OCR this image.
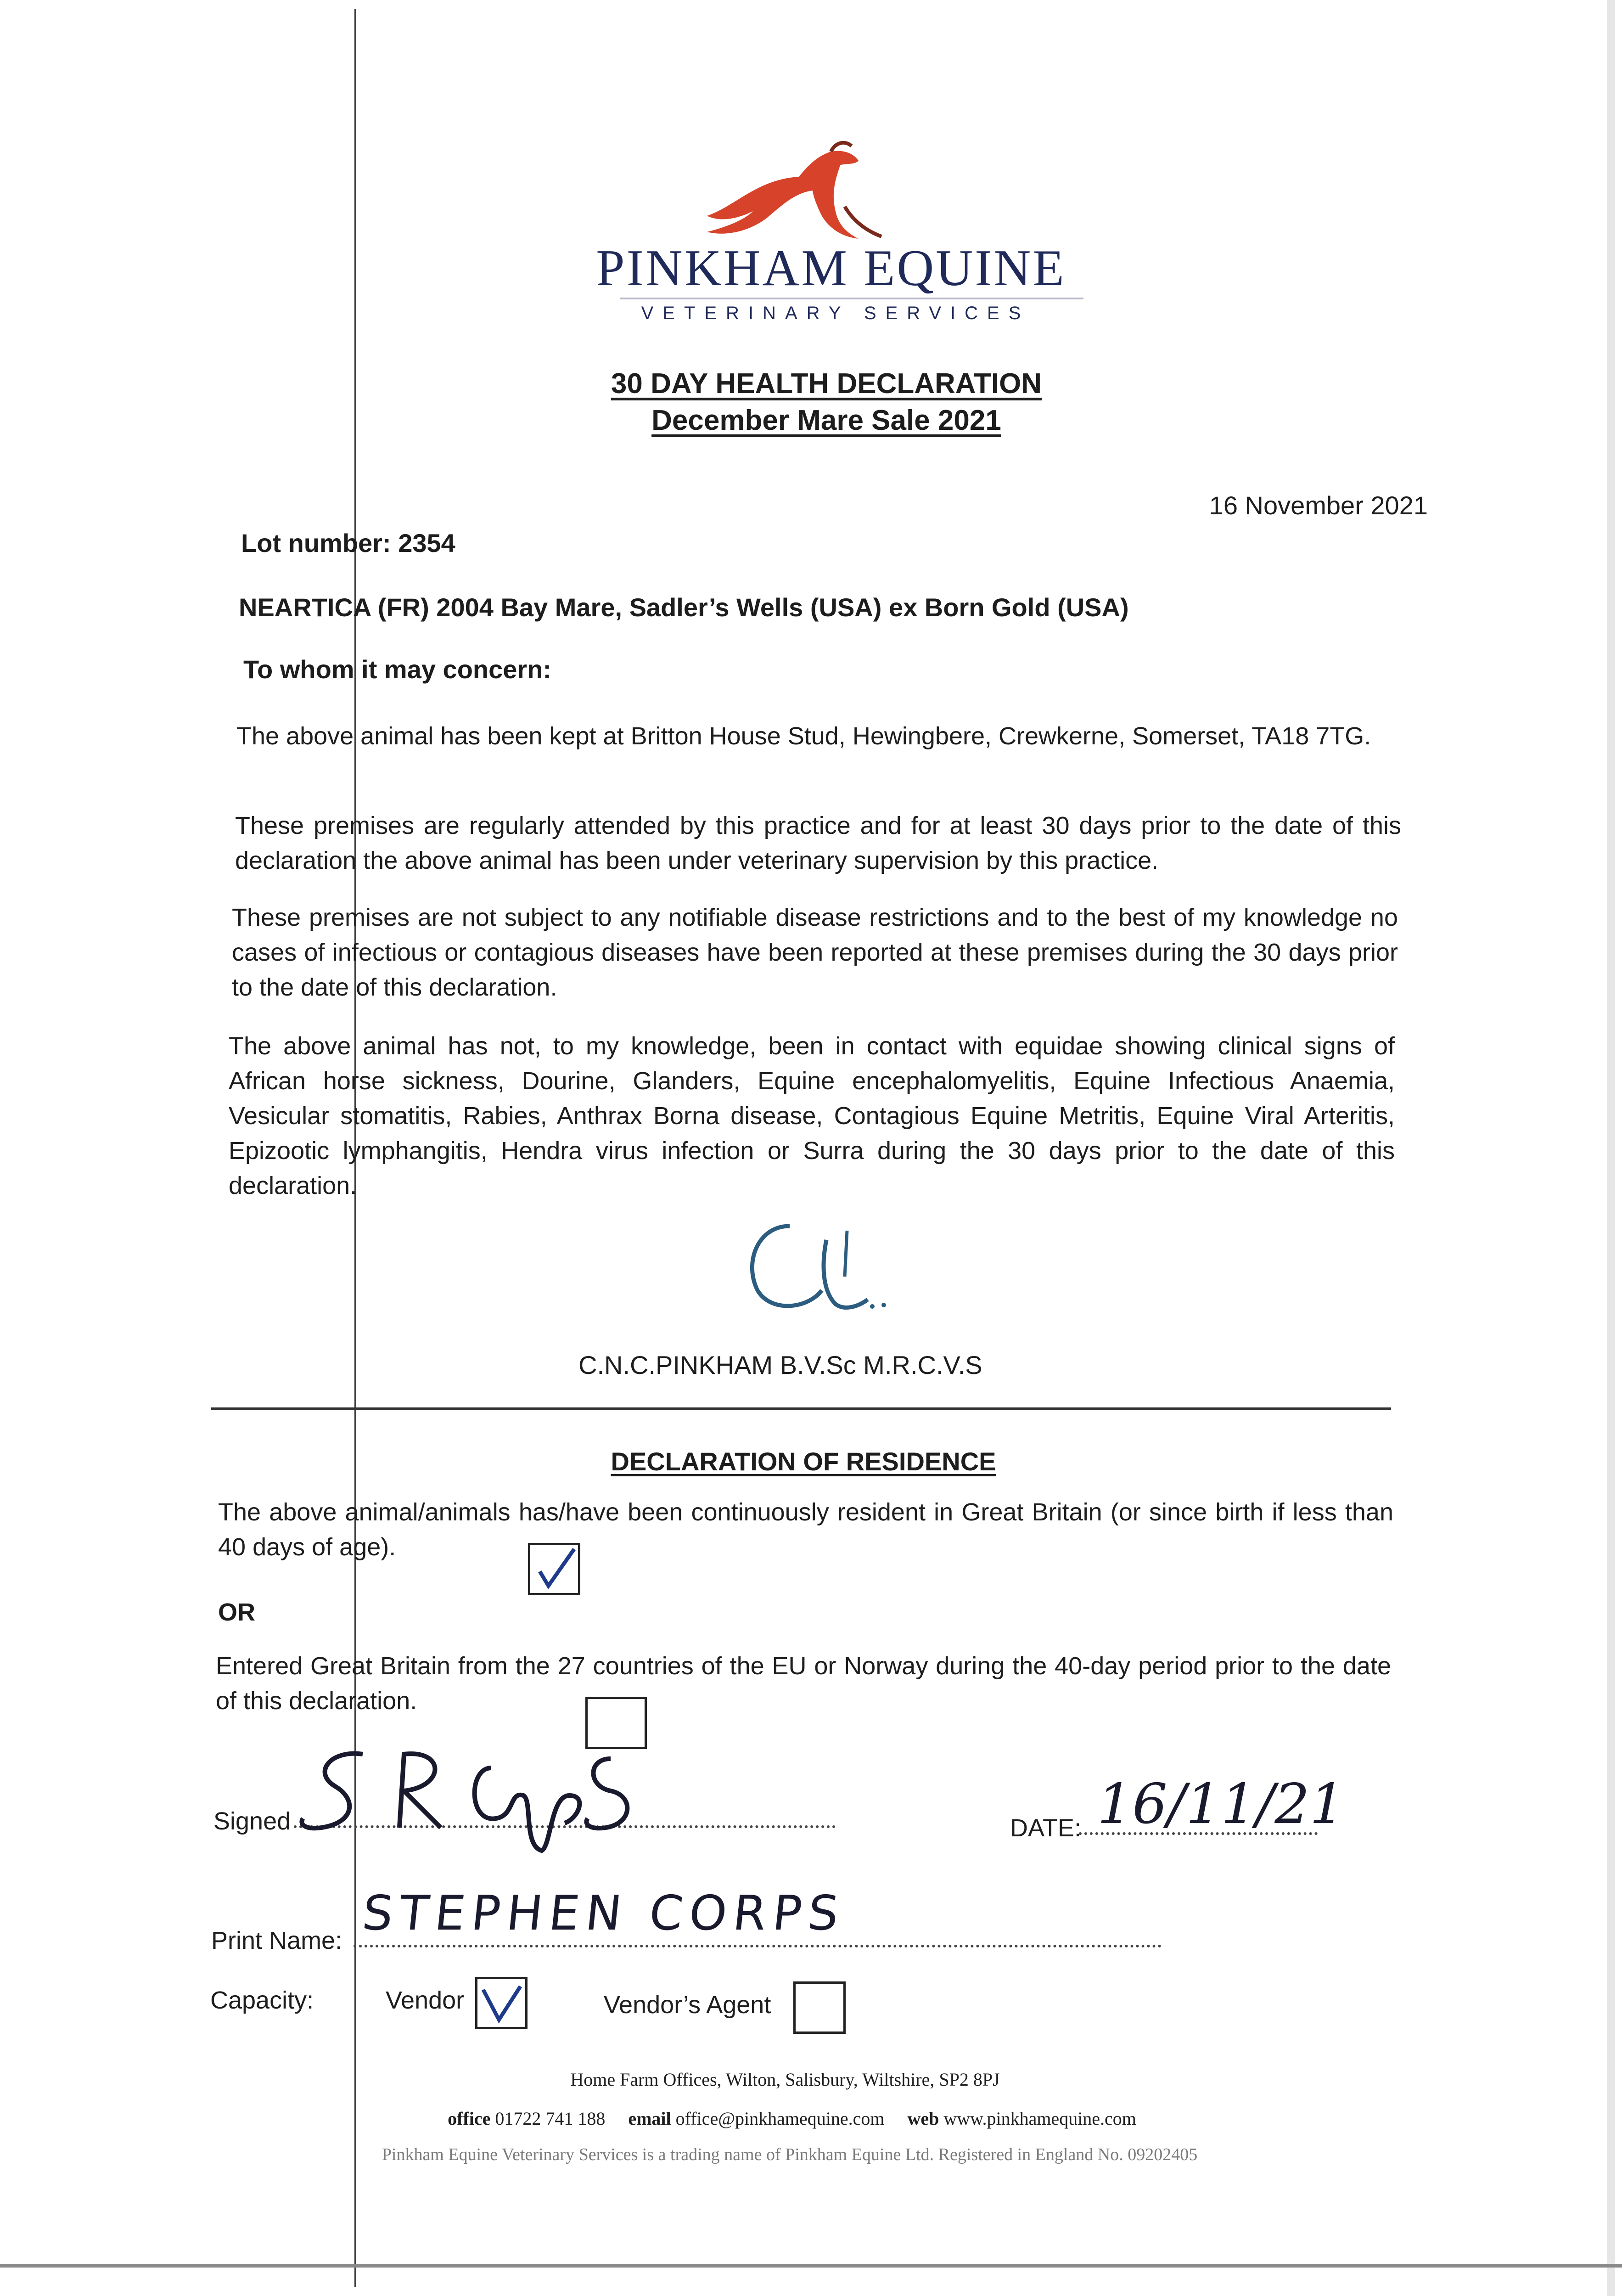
PINKHAM EQUINE
VETERINARY SERVICES
30 DAY HEALTH DECLARATION
December Mare Sale 2021
16 November 2021
Lot number: 2354
NEARTICA (FR) 2004 Bay Mare, Sadler’s Wells (USA) ex Born Gold (USA)
To whom it may concern:
The above animal has been kept at Britton House Stud, Hewingbere, Crewkerne, Somerset, TA18 7TG.
These premises are regularly attended by this practice and for at least 30 days prior to the date of this declaration the above animal has been under veterinary supervision by this practice.
These premises are not subject to any notifiable disease restrictions and to the best of my knowledge no cases of infectious or contagious diseases have been reported at these premises during the 30 days prior to the date of this declaration.
The above animal has not, to my knowledge, been in contact with equidae showing clinical signs of African horse sickness, Dourine, Glanders, Equine encephalomyelitis, Equine Infectious Anaemia, Vesicular stomatitis, Rabies, Anthrax Borna disease, Contagious Equine Metritis, Equine Viral Arteritis, Epizootic lymphangitis, Hendra virus infection or Surra during the 30 days prior to the date of this declaration.
C.N.C.PINKHAM B.V.Sc M.R.C.V.S
DECLARATION OF RESIDENCE
The above animal/animals has/have been continuously resident in Great Britain (or since birth if less than 40 days of age).
OR
Entered Great Britain from the 27 countries of the EU or Norway during the 40-day period prior to the date of this declaration.
Signed	DATE: 16/11/21
Print Name: STEPHEN CORPS
Capacity:	Vendor	Vendor’s Agent
Home Farm Offices, Wilton, Salisbury, Wiltshire, SP2 8PJ
office 01722 741 188 email office@pinkhamequine.com web www.pinkhamequine.com
Pinkham Equine Veterinary Services is a trading name of Pinkham Equine Ltd. Registered in England No. 09202405
